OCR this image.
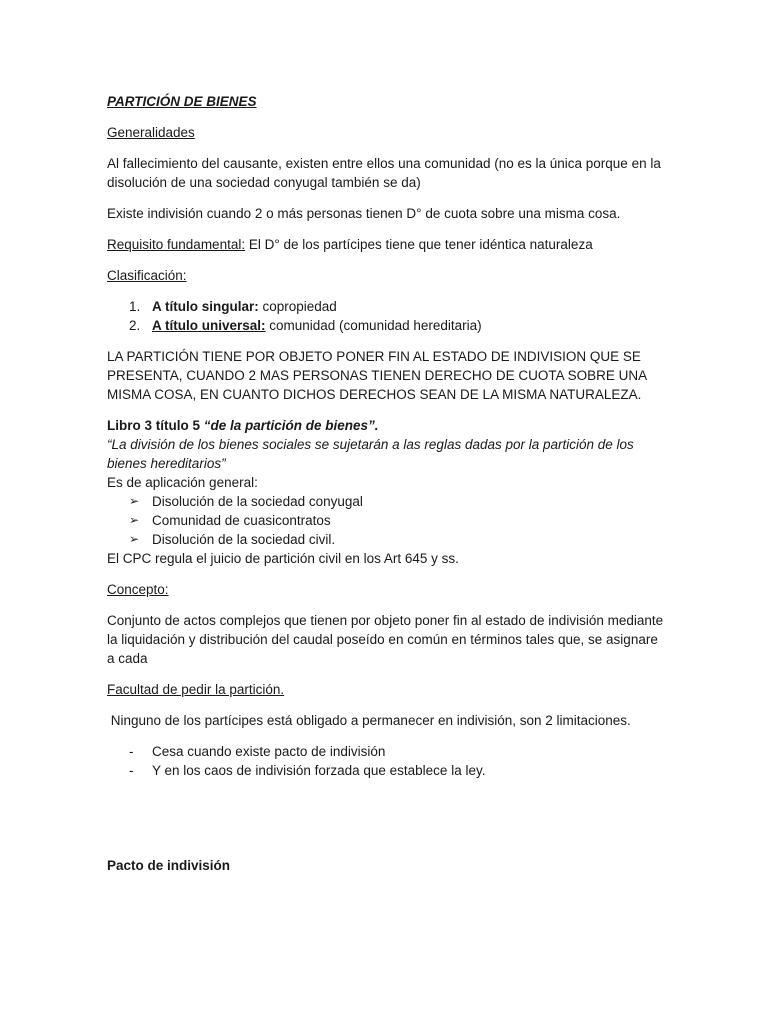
PARTICIÓN DE BIENES

Generalidades

Al fallecimiento del causante, existen entre ellos una comunidad (no es la única porque en la disolución de una sociedad conyugal también se da)

Existe indivisión cuando 2 o más personas tienen D° de cuota sobre una misma cosa.

Requisito fundamental: El D° de los partícipes tiene que tener idéntica naturaleza

Clasificación:

1. A título singular: copropiedad
2. A título universal: comunidad (comunidad hereditaria)

LA PARTICIÓN TIENE POR OBJETO PONER FIN AL ESTADO DE INDIVISION QUE SE PRESENTA, CUANDO 2 MAS PERSONAS TIENEN DERECHO DE CUOTA SOBRE UNA MISMA COSA, EN CUANTO DICHOS DERECHOS SEAN DE LA MISMA NATURALEZA.

Libro 3 título 5 “de la partición de bienes”.

“La división de los bienes sociales se sujetarán a las reglas dadas por la partición de los bienes hereditarios”

Es de aplicación general:

➢ Disolución de la sociedad conyugal
➢ Comunidad de cuasicontratos
➢ Disolución de la sociedad civil.

El CPC regula el juicio de partición civil en los Art 645 y ss.

Concepto:

Conjunto de actos complejos que tienen por objeto poner fin al estado de indivisión mediante la liquidación y distribución del caudal poseído en común en términos tales que, se asignare a cada

Facultad de pedir la partición.

Ninguno de los partícipes está obligado a permanecer en indivisión, son 2 limitaciones.

- Cesa cuando existe pacto de indivisión
- Y en los caos de indivisión forzada que establece la ley.

Pacto de indivisión
